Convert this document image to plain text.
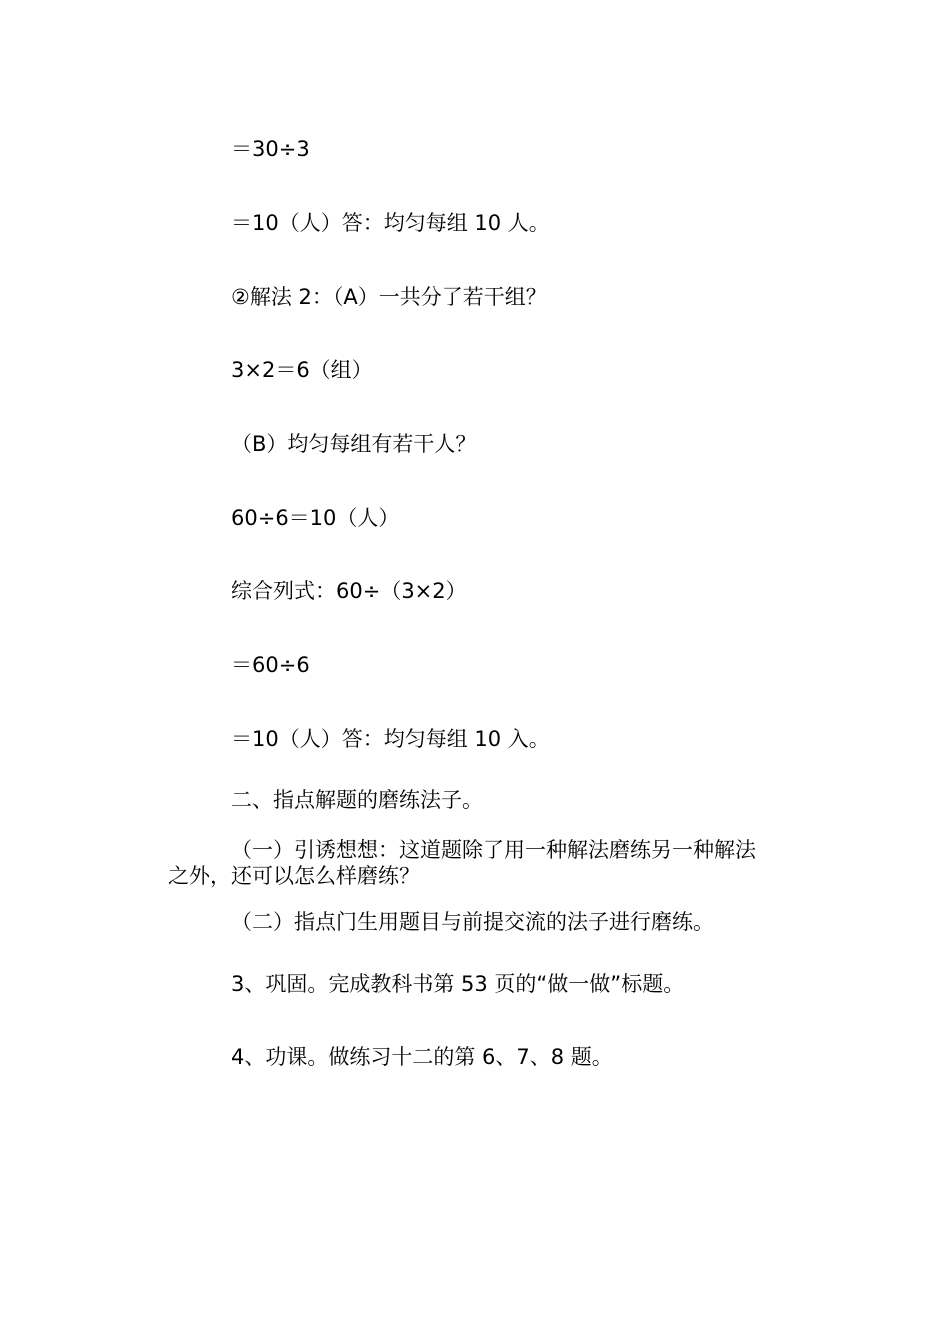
＝30÷3

＝10（人）答：均匀每组 10 人。

②解法 2：（A）一共分了若干组？

3×2＝6（组）

（B）均匀每组有若干人？

60÷6＝10（人）

综合列式：60÷（3×2）

＝60÷6

＝10（人）答：均匀每组 10 入。

二、指点解题的磨练法子。

（一）引诱想想：这道题除了用一种解法磨练另一种解法
之外，还可以怎么样磨练？

（二）指点门生用题目与前提交流的法子进行磨练。

3、巩固。完成教科书第 53 页的“做一做”标题。

4、功课。做练习十二的第 6、7、8 题。
